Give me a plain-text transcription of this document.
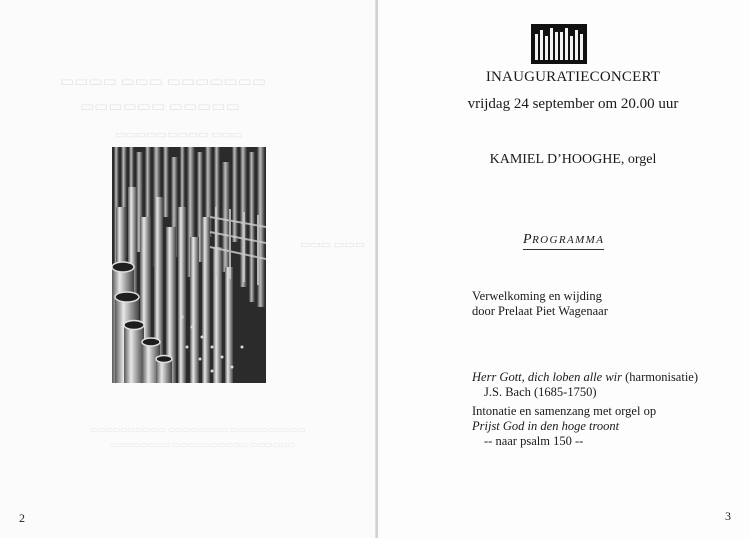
▭▭▭▭ ▭▭▭ ▭▭▭▭▭▭▭
▭▭▭▭▭▭ ▭▭▭▭▭
▭▭▭▭▭▭▭▭▭ ▭▭▭
▭▭▭ ▭▭▭
▭▭▭▭▭▭▭▭▭▭ ▭▭▭▭▭▭▭▭ ▭▭▭▭▭▭▭▭▭▭
▭▭▭▭▭▭▭▭ ▭▭▭▭▭▭▭▭▭▭ ▭▭▭▭▭▭
2
INAUGURATIECONCERT
vrijdag 24 september om 20.00 uur
KAMIEL D’HOOGHE, orgel
PROGRAMMA
Verwelkoming en wijding
door Prelaat Piet Wagenaar
Herr Gott, dich loben alle wir (harmonisatie)
J.S. Bach (1685-1750)
Intonatie en samenzang met orgel op
Prijst God in den hoge troont
-- naar psalm 150 --
3
